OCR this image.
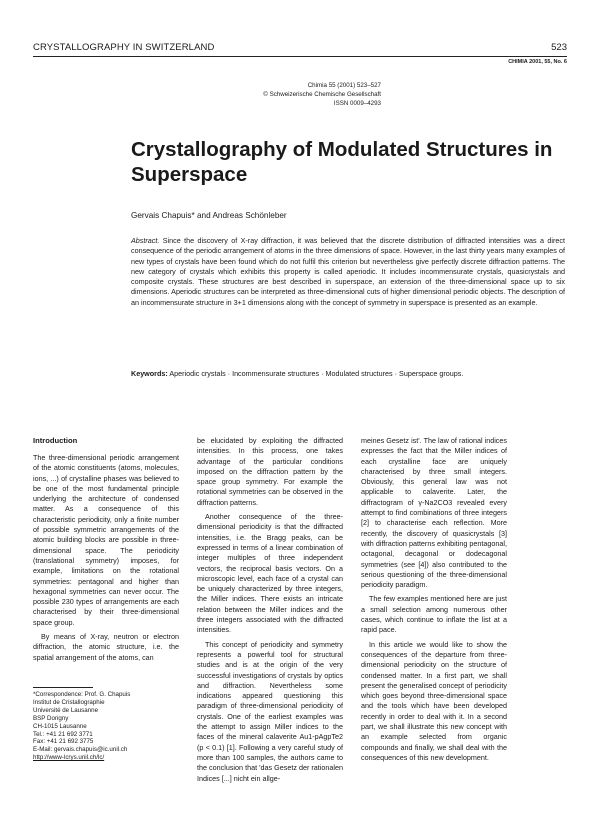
CRYSTALLOGRAPHY IN SWITZERLAND	523
CHIMIA 2001, 55, No. 6
Chimia 55 (2001) 523–527
© Schweizerische Chemische Gesellschaft
ISSN 0009–4293
Crystallography of Modulated Structures in Superspace
Gervais Chapuis* and Andreas Schönleber

Abstract. Since the discovery of X-ray diffraction, it was believed that the discrete distribution of diffracted intensities was a direct consequence of the periodic arrangement of atoms in the three dimensions of space. However, in the last thirty years many examples of new types of crystals have been found which do not fulfil this criterion but nevertheless give perfectly discrete diffraction patterns. The new category of crystals which exhibits this property is called aperiodic. It includes incommensurate crystals, quasicrystals and composite crystals. These structures are best described in superspace, an extension of the three-dimensional space up to six dimensions. Aperiodic structures can be interpreted as three-dimensional cuts of higher dimensional periodic objects. The description of an incommensurate structure in 3+1 dimensions along with the concept of symmetry in superspace is presented as an example.

Keywords: Aperiodic crystals · Incommensurate structures · Modulated structures · Superspace groups.

Introduction

The three-dimensional periodic arrangement of the atomic constituents (atoms, molecules, ions, ...) of crystalline phases was believed to be one of the most fundamental principle underlying the architecture of condensed matter. As a consequence of this characteristic periodicity, only a finite number of possible symmetric arrangements of the atomic building blocks are possible in three-dimensional space. The periodicity (translational symmetry) imposes, for example, limitations on the rotational symmetries: pentagonal and higher than hexagonal symmetries can never occur. The possible 230 types of arrangements are each characterised by their three-dimensional space group.

By means of X-ray, neutron or electron diffraction, the atomic structure, i.e. the spatial arrangement of the atoms, can

be elucidated by exploiting the diffracted intensities. In this process, one takes advantage of the particular conditions imposed on the diffraction pattern by the space group symmetry. For example the rotational symmetries can be observed in the diffraction patterns.

Another consequence of the three-dimensional periodicity is that the diffracted intensities, i.e. the Bragg peaks, can be expressed in terms of a linear combination of integer multiples of three independent vectors, the reciprocal basis vectors. On a microscopic level, each face of a crystal can be uniquely characterized by three integers, the Miller indices. There exists an intricate relation between the Miller indices and the three integers associated with the diffracted intensities.

This concept of periodicity and symmetry represents a powerful tool for structural studies and is at the origin of the very successful investigations of crystals by optics and diffraction. Nevertheless some indications appeared questioning this paradigm of three-dimensional periodicity of crystals. One of the earliest examples was the attempt to assign Miller indices to the faces of the mineral calaverite Au1-pAgpTe2 (p < 0.1) [1]. Following a very careful study of more than 100 samples, the authors came to the conclusion that 'das Gesetz der rationalen Indices [...] nicht ein allge-

meines Gesetz ist'. The law of rational indices expresses the fact that the Miller indices of each crystalline face are uniquely characterised by three small integers. Obviously, this general law was not applicable to calaverite. Later, the diffractogram of γ-Na2CO3 revealed every attempt to find combinations of three integers [2] to characterise each reflection. More recently, the discovery of quasicrystals [3] with diffraction patterns exhibiting pentagonal, octagonal, decagonal or dodecagonal symmetries (see [4]) also contributed to the serious questioning of the three-dimensional periodicity paradigm.

The few examples mentioned here are just a small selection among numerous other cases, which continue to inflate the list at a rapid pace.

In this article we would like to show the consequences of the departure from three-dimensional periodicity on the structure of condensed matter. In a first part, we shall present the generalised concept of periodicity which goes beyond three-dimensional space and the tools which have been developed recently in order to deal with it. In a second part, we shall illustrate this new concept with an example selected from organic compounds and finally, we shall deal with the consequences of this new development.

*Correspondence: Prof. G. Chapuis
Institut de Cristallographie
Université de Lausanne
BSP Dorigny
CH-1015 Lausanne
Tel.: +41 21 692 3771
Fax: +41 21 692 3775
E-Mail: gervais.chapuis@ic.unil.ch
http://www-lcrys.unil.ch/lc/
